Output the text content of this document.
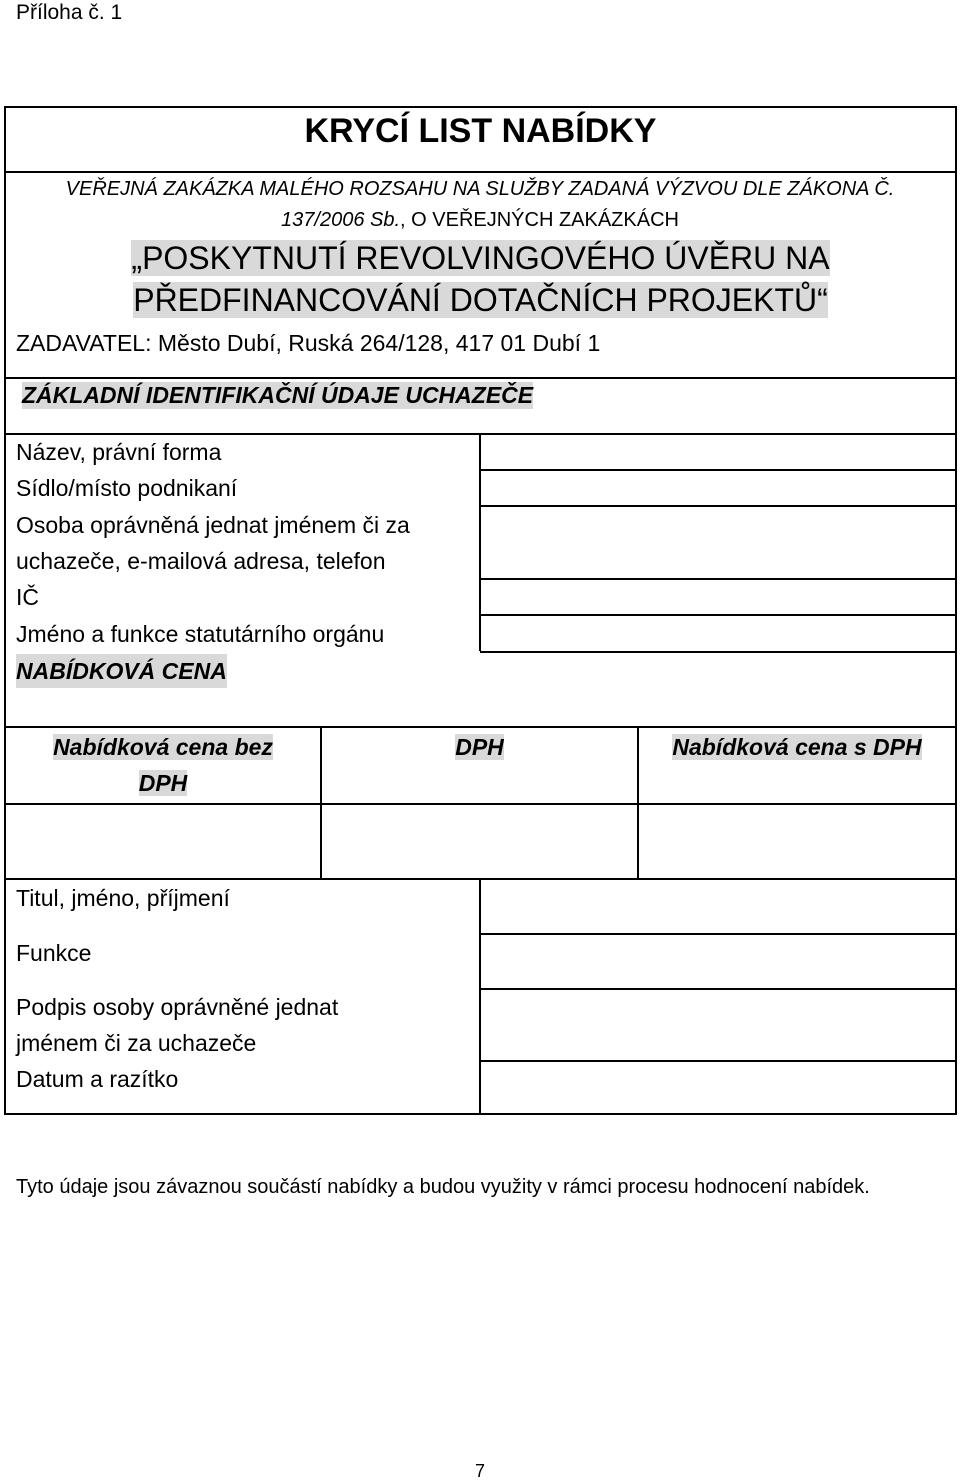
Příloha č. 1
KRYCÍ LIST NABÍDKY
VEŘEJNÁ ZAKÁZKA MALÉHO ROZSAHU NA SLUŽBY ZADANÁ VÝZVOU DLE ZÁKONA Č.
137/2006 Sb., O VEŘEJNÝCH ZAKÁZKÁCH
„POSKYTNUTÍ REVOLVINGOVÉHO ÚVĚRU NA
PŘEDFINANCOVÁNÍ DOTAČNÍCH PROJEKTŮ“
ZADAVATEL: Město Dubí, Ruská 264/128, 417 01 Dubí 1
ZÁKLADNÍ IDENTIFIKAČNÍ ÚDAJE UCHAZEČE
Název, právní forma
Sídlo/místo podnikaní
Osoba oprávněná jednat jménem či za
uchazeče, e-mailová adresa, telefon
IČ
Jméno a funkce statutárního orgánu
NABÍDKOVÁ CENA
Nabídková cena bez
DPH
DPH	Nabídková cena s DPH
Titul, jméno, příjmení
Funkce
Podpis osoby oprávněné jednat
jménem či za uchazeče
Datum a razítko
Tyto údaje jsou závaznou součástí nabídky a budou využity v rámci procesu hodnocení nabídek.
7
